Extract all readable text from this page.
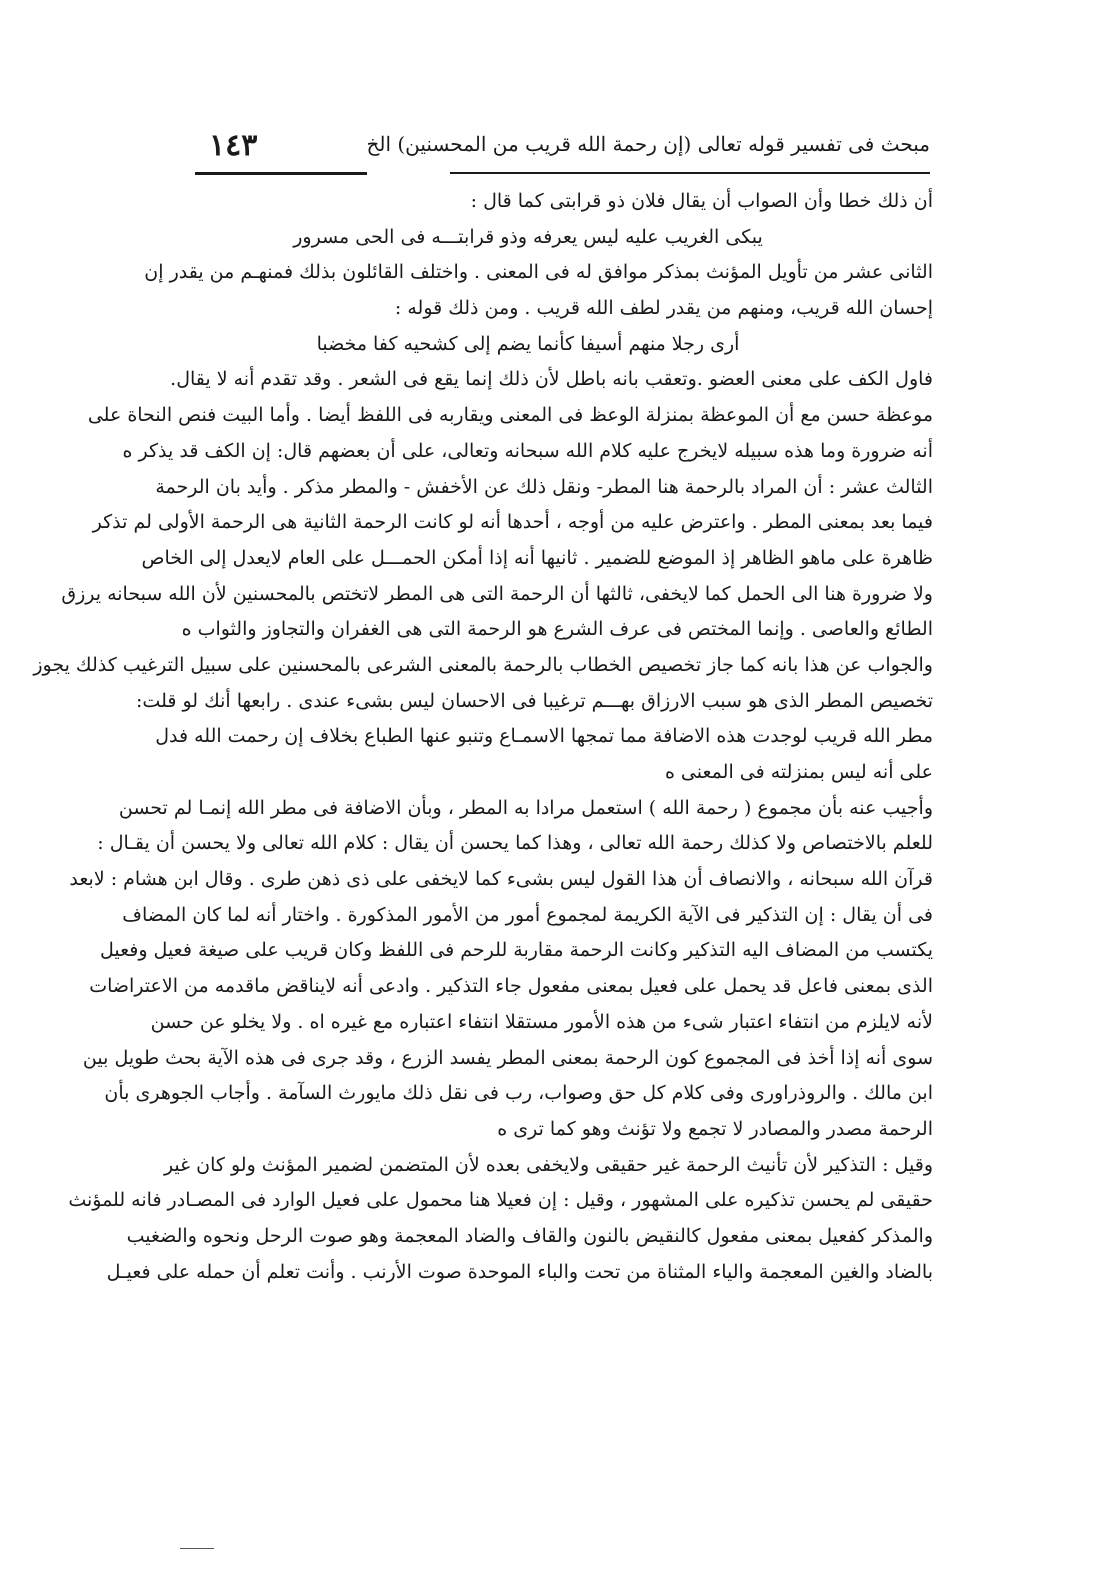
مبحث فى تفسير قوله تعالى (إن رحمة الله قريب من المحسنين) الخ
١٤٣
أن ذلك خطا وأن الصواب أن يقال فلان ذو قرابتى كما قال :
يبكى الغريب عليه ليس يعرفه وذو قرابتـــه فى الحى مسرور
الثانى عشر من تأويل المؤنث بمذكر موافق له فى المعنى . واختلف القائلون بذلك فمنهـم من يقدر إن
إحسان الله قريب، ومنهم من يقدر لطف الله قريب . ومن ذلك قوله :
أرى رجلا منهم أسيفا كأنما يضم إلى كشحيه كفا مخضبا
فاول الكف على معنى العضو .وتعقب بانه باطل لأن ذلك إنما يقع فى الشعر . وقد تقدم أنه لا يقال.
موعظة حسن مع أن الموعظة بمنزلة الوعظ فى المعنى ويقاربه فى اللفظ أيضا . وأما البيت فنص النحاة على
أنه ضرورة وما هذه سبيله لايخرج عليه كلام الله سبحانه وتعالى، على أن بعضهم قال: إن الكف قد يذكر ه
الثالث عشر : أن المراد بالرحمة هنا المطر- ونقل ذلك عن الأخفش - والمطر مذكر . وأيد بان الرحمة
فيما بعد بمعنى المطر . واعترض عليه من أوجه ، أحدها أنه لو كانت الرحمة الثانية هى الرحمة الأولى لم تذكر
ظاهرة على ماهو الظاهر إذ الموضع للضمير . ثانيها أنه إذا أمكن الحمـــل على العام لايعدل إلى الخاص
ولا ضرورة هنا الى الحمل كما لايخفى، ثالثها أن الرحمة التى هى المطر لاتختص بالمحسنين لأن الله سبحانه يرزق
الطائع والعاصى . وإنما المختص فى عرف الشرع هو الرحمة التى هى الغفران والتجاوز والثواب ه
والجواب عن هذا بانه كما جاز تخصيص الخطاب بالرحمة بالمعنى الشرعى بالمحسنين على سبيل الترغيب كذلك يجوز
تخصيص المطر الذى هو سبب الارزاق بهـــم ترغيبا فى الاحسان ليس بشىء عندى . رابعها أنك لو قلت:
مطر الله قريب لوجدت هذه الاضافة مما تمجها الاسمـاع وتنبو عنها الطباع بخلاف إن رحمت الله فدل
على أنه ليس بمنزلته فى المعنى ه
وأجيب عنه بأن مجموع ( رحمة الله ) استعمل مرادا به المطر ، وبأن الاضافة فى مطر الله إنمـا لم تحسن
للعلم بالاختصاص ولا كذلك رحمة الله تعالى ، وهذا كما يحسن أن يقال : كلام الله تعالى ولا يحسن أن يقـال :
قرآن الله سبحانه ، والانصاف أن هذا القول ليس بشىء كما لايخفى على ذى ذهن طرى . وقال ابن هشام : لابعد
فى أن يقال : إن التذكير فى الآية الكريمة لمجموع أمور من الأمور المذكورة . واختار أنه لما كان المضاف
يكتسب من المضاف اليه التذكير وكانت الرحمة مقاربة للرحم فى اللفظ وكان قريب على صيغة فعيل وفعيل
الذى بمعنى فاعل قد يحمل على فعيل بمعنى مفعول جاء التذكير . وادعى أنه لايناقض ماقدمه من الاعتراضات
لأنه لايلزم من انتفاء اعتبار شىء من هذه الأمور مستقلا انتفاء اعتباره مع غيره اه . ولا يخلو عن حسن
سوى أنه إذا أخذ فى المجموع كون الرحمة بمعنى المطر يفسد الزرع ، وقد جرى فى هذه الآية بحث طويل بين
ابن مالك . والروذراورى وفى كلام كل حق وصواب، رب فى نقل ذلك مايورث السآمة . وأجاب الجوهرى بأن
الرحمة مصدر والمصادر لا تجمع ولا تؤنث وهو كما ترى ه
وقيل : التذكير لأن تأنيث الرحمة غير حقيقى ولايخفى بعده لأن المتضمن لضمير المؤنث ولو كان غير
حقيقى لم يحسن تذكيره على المشهور ، وقيل : إن فعيلا هنا محمول على فعيل الوارد فى المصـادر فانه للمؤنث
والمذكر كفعيل بمعنى مفعول كالنقيض بالنون والقاف والضاد المعجمة وهو صوت الرحل ونحوه والضغيب
بالضاد والغين المعجمة والياء المثناة من تحت والباء الموحدة صوت الأرنب . وأنت تعلم أن حمله على فعيـل
